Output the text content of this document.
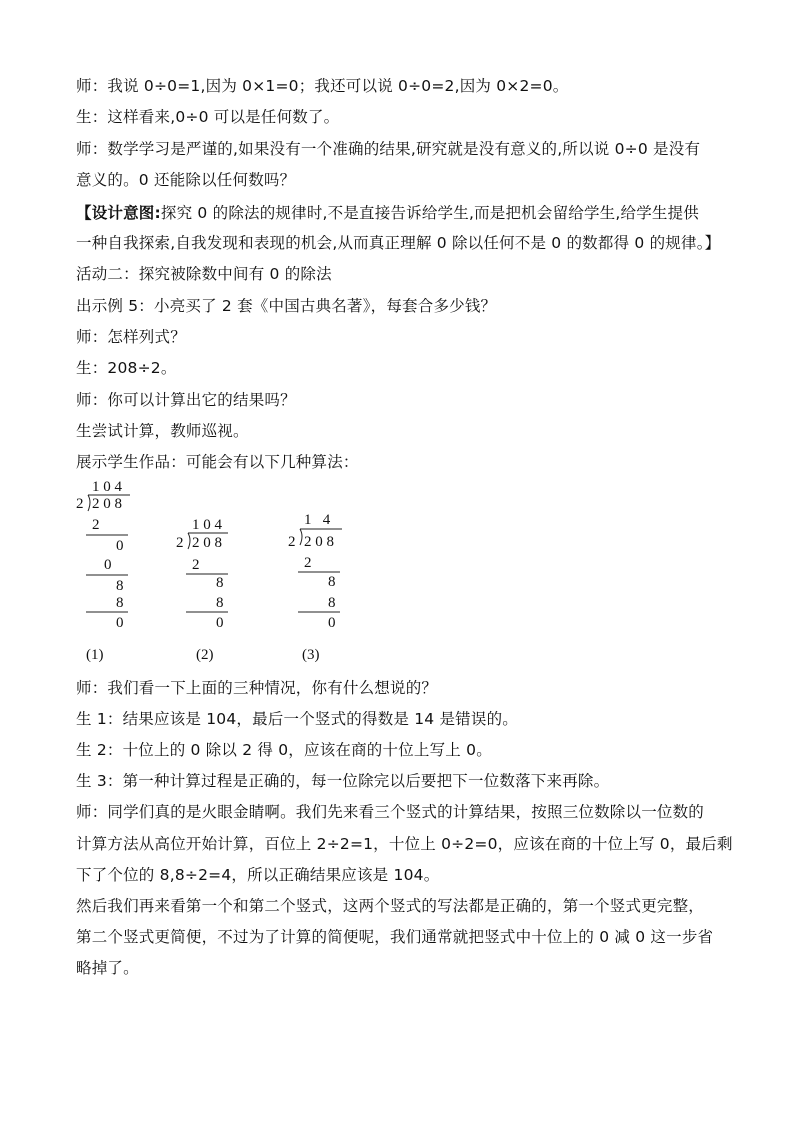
师：我说 0÷0=1,因为 0×1=0；我还可以说 0÷0=2,因为 0×2=0。
生：这样看来,0÷0 可以是任何数了。
师：数学学习是严谨的,如果没有一个准确的结果,研究就是没有意义的,所以说 0÷0 是没有
意义的。0 还能除以任何数吗？
【设计意图:探究 0 的除法的规律时,不是直接告诉给学生,而是把机会留给学生,给学生提供
一种自我探索,自我发现和表现的机会,从而真正理解 0 除以任何不是 0 的数都得 0 的规律。】
活动二：探究被除数中间有 0 的除法
出示例 5：小亮买了 2 套《中国古典名著》，每套合多少钱？
师：怎样列式？
生：208÷2。
师：你可以计算出它的结果吗？
生尝试计算，教师巡视。
展示学生作品：可能会有以下几种算法：
1 0 4
2 2 0 8
2
0
0
8
8
0
(1)
1 0 4
2 2 0 8
2
8
8
0
(2)
1   4
2 2 0 8
2
8
8
0
(3)
师：我们看一下上面的三种情况，你有什么想说的？
生 1：结果应该是 104，最后一个竖式的得数是 14 是错误的。
生 2：十位上的 0 除以 2 得 0，应该在商的十位上写上 0。
生 3：第一种计算过程是正确的，每一位除完以后要把下一位数落下来再除。
师：同学们真的是火眼金睛啊。我们先来看三个竖式的计算结果，按照三位数除以一位数的
计算方法从高位开始计算，百位上 2÷2=1，十位上 0÷2=0，应该在商的十位上写 0，最后剩
下了个位的 8,8÷2=4，所以正确结果应该是 104。
然后我们再来看第一个和第二个竖式，这两个竖式的写法都是正确的，第一个竖式更完整，
第二个竖式更简便，不过为了计算的简便呢，我们通常就把竖式中十位上的 0 减 0 这一步省
略掉了。
